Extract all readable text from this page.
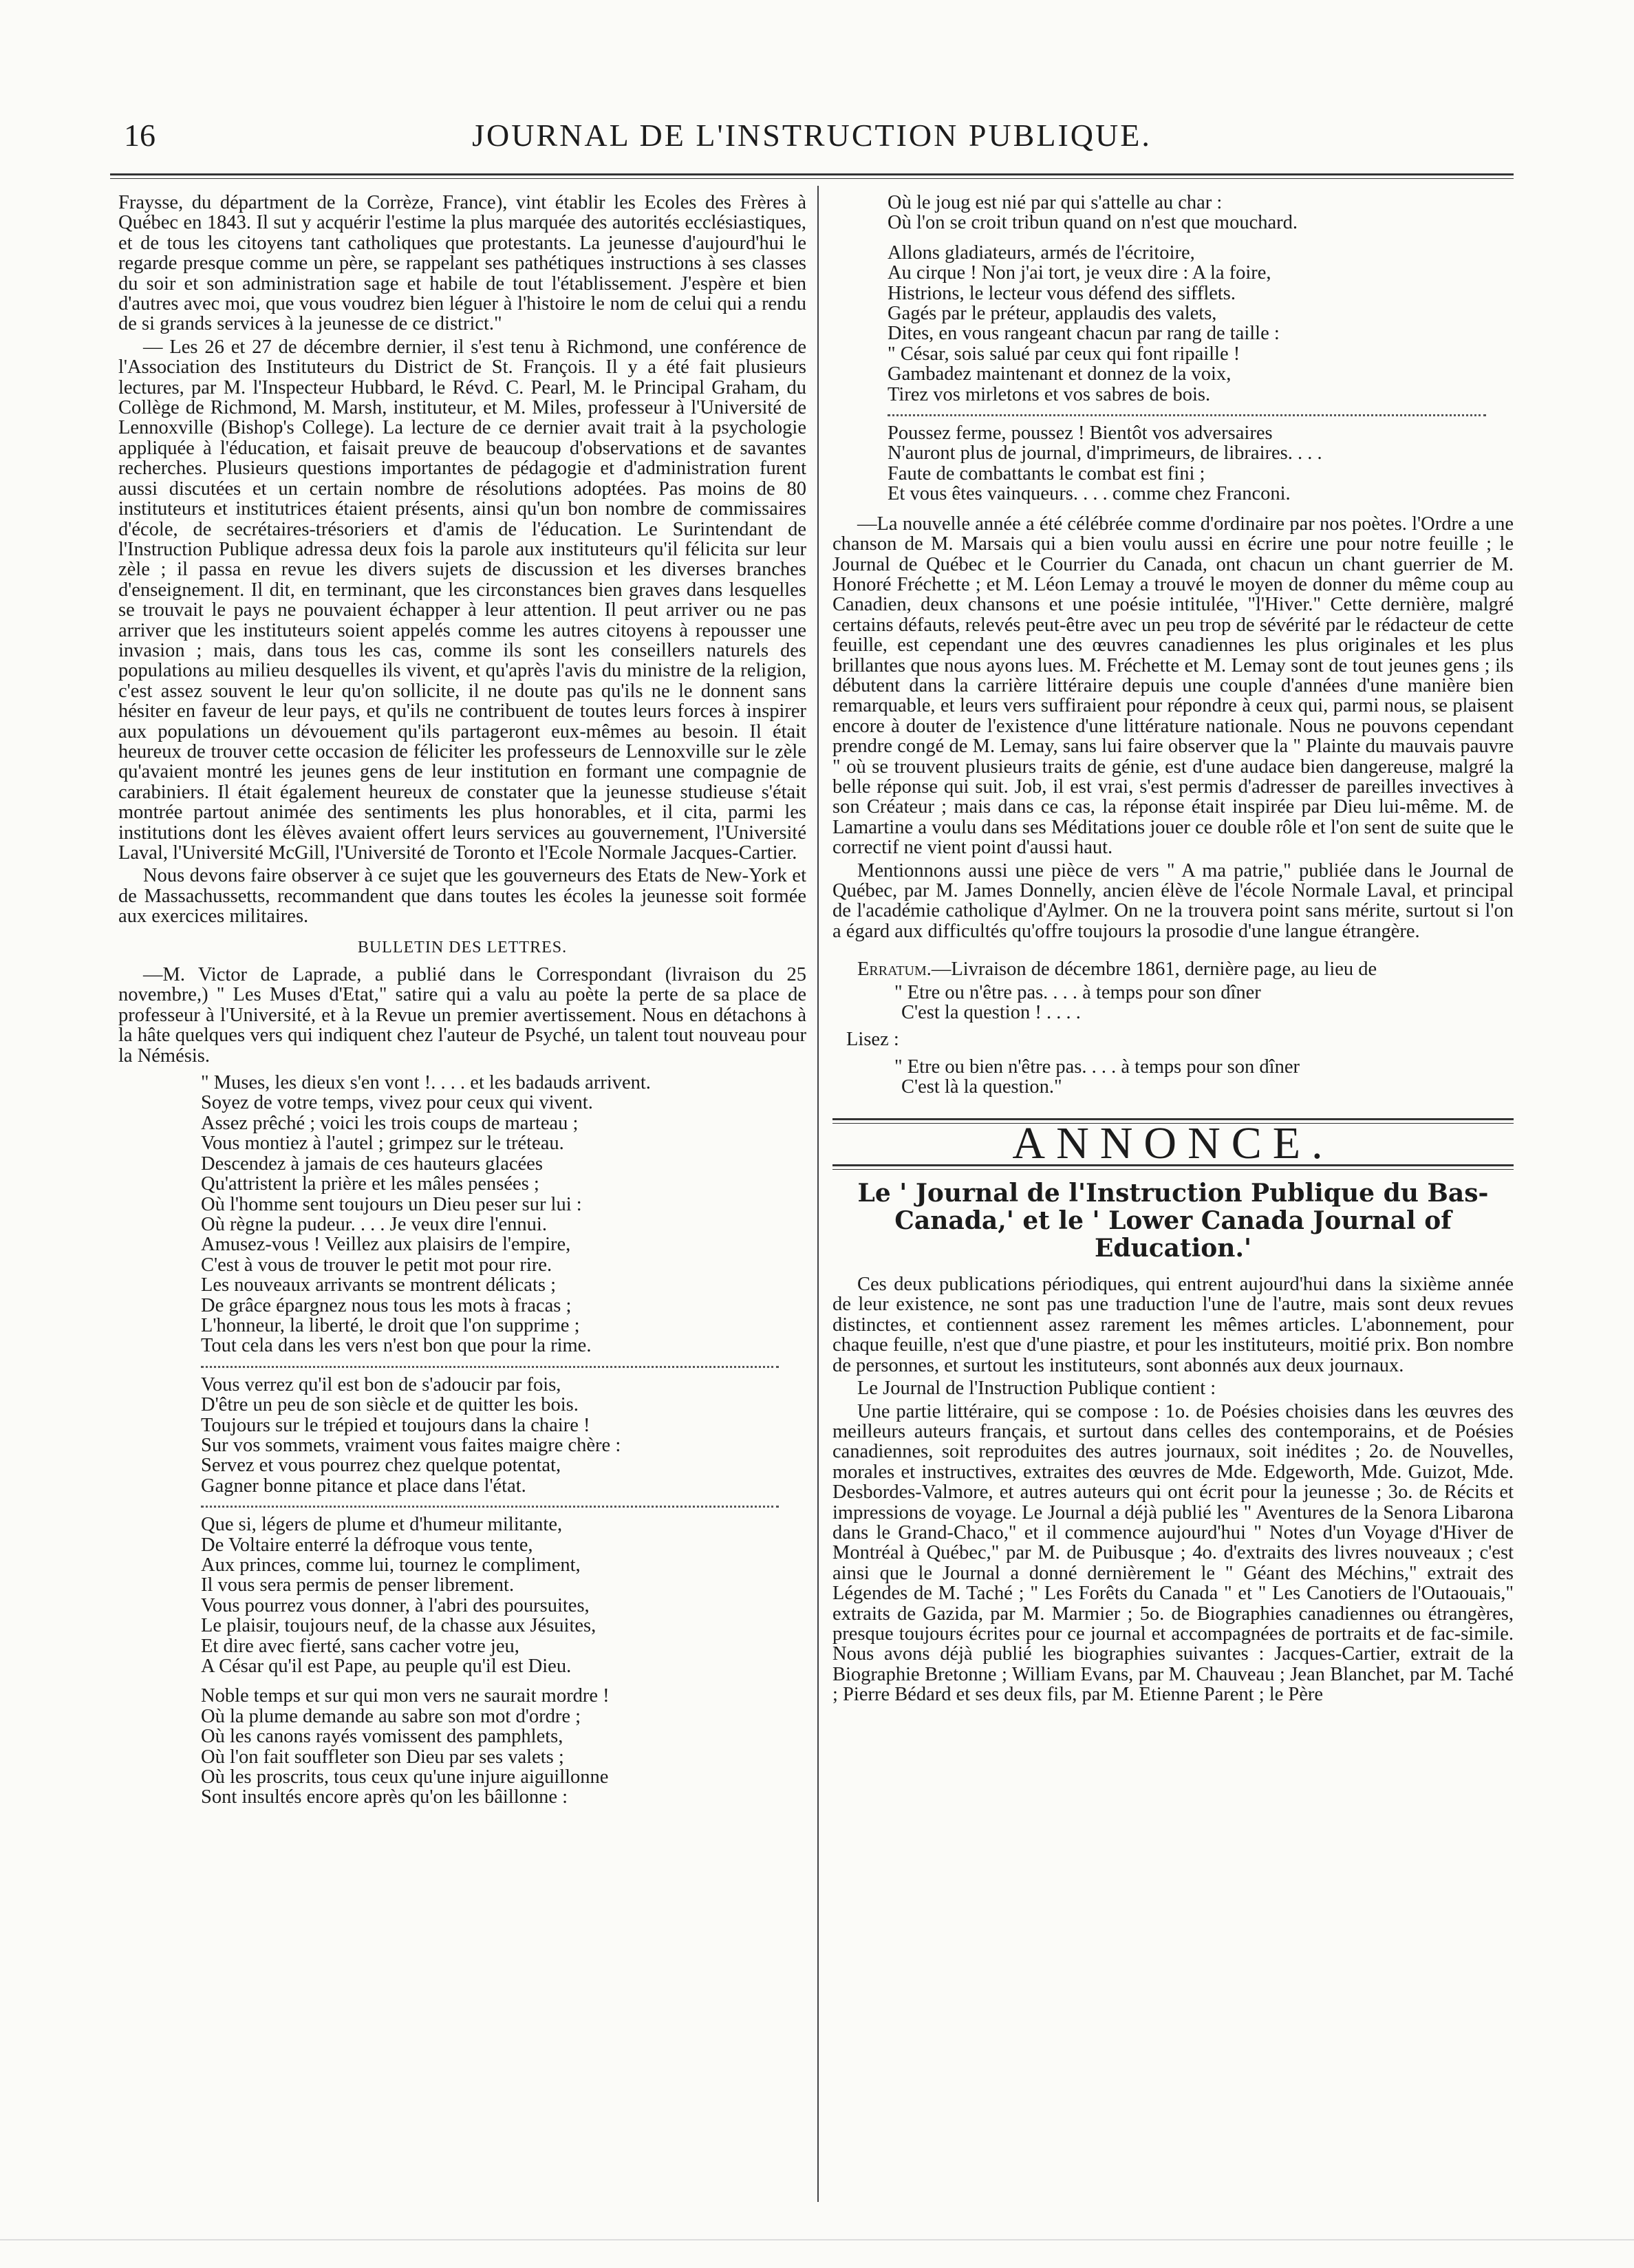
16	JOURNAL DE L'INSTRUCTION PUBLIQUE.

Frayssе, du départment de la Corrèze, France), vint établir les Ecoles des Frères à Québec en 1843. Il sut y acquérir l'estime la plus marquée des autorités ecclésiastiques, et de tous les citoyens tant catholiques que protestants. La jeunesse d'aujourd'hui le regarde presque comme un père, se rappelant ses pathétiques instructions à ses classes du soir et son administration sage et habile de tout l'établissement. J'espère et bien d'autres avec moi, que vous voudrez bien léguer à l'histoire le nom de celui qui a rendu de si grands services à la jeunesse de ce district."

— Les 26 et 27 de décembre dernier, il s'est tenu à Richmond, une conférence de l'Association des Instituteurs du District de St. François. Il y a été fait plusieurs lectures, par M. l'Inspecteur Hubbard, le Révd. C. Pearl, M. le Principal Graham, du Collège de Richmond, M. Marsh, instituteur, et M. Miles, professeur à l'Université de Lennoxville (Bishop's College). La lecture de ce dernier avait trait à la psychologie appliquée à l'éducation, et faisait preuve de beaucoup d'observations et de savantes recherches. Plusieurs questions importantes de pédagogie et d'administration furent aussi discutées et un certain nombre de résolutions adoptées. Pas moins de 80 instituteurs et institutrices étaient présents, ainsi qu'un bon nombre de commissaires d'école, de secrétaires-trésoriers et d'amis de l'éducation. Le Surintendant de l'Instruction Publique adressa deux fois la parole aux instituteurs qu'il félicita sur leur zèle ; il passa en revue les divers sujets de discussion et les diverses branches d'enseignement. Il dit, en terminant, que les circonstances bien graves dans lesquelles se trouvait le pays ne pouvaient échapper à leur attention. Il peut arriver ou ne pas arriver que les instituteurs soient appelés comme les autres citoyens à repousser une invasion ; mais, dans tous les cas, comme ils sont les conseillers naturels des populations au milieu desquelles ils vivent, et qu'après l'avis du ministre de la religion, c'est assez souvent le leur qu'on sollicite, il ne doute pas qu'ils ne le donnent sans hésiter en faveur de leur pays, et qu'ils ne contribuent de toutes leurs forces à inspirer aux populations un dévouement qu'ils partageront eux-mêmes au besoin. Il était heureux de trouver cette occasion de féliciter les professeurs de Lennoxville sur le zèle qu'avaient montré les jeunes gens de leur institution en formant une compagnie de carabiniers. Il était également heureux de constater que la jeunesse studieuse s'était montrée partout animée des sentiments les plus honorables, et il cita, parmi les institutions dont les élèves avaient offert leurs services au gouvernement, l'Université Laval, l'Université McGill, l'Université de Toronto et l'Ecole Normale Jacques-Cartier.

Nous devons faire observer à ce sujet que les gouverneurs des Etats de New-York et de Massachussetts, recommandent que dans toutes les écoles la jeunesse soit formée aux exercices militaires.

BULLETIN DES LETTRES.

—M. Victor de Laprade, a publié dans le Correspondant (livraison du 25 novembre,) " Les Muses d'Etat," satire qui a valu au poète la perte de sa place de professeur à l'Université, et à la Revue un premier avertissement. Nous en détachons à la hâte quelques vers qui indiquent chez l'auteur de Psyché, un talent tout nouveau pour la Némésis.

" Muses, les dieux s'en vont !. . . . et les badauds arrivent.
Soyez de votre temps, vivez pour ceux qui vivent.
Assez prêché ; voici les trois coups de marteau ;
Vous montiez à l'autel ; grimpez sur le tréteau.
Descendez à jamais de ces hauteurs glacées
Qu'attristent la prière et les mâles pensées ;
Où l'homme sent toujours un Dieu peser sur lui :
Où règne la pudeur. . . . Je veux dire l'ennui.
Amusez-vous ! Veillez aux plaisirs de l'empire,
C'est à vous de trouver le petit mot pour rire.
Les nouveaux arrivants se montrent délicats ;
De grâce épargnez nous tous les mots à fracas ;
L'honneur, la liberté, le droit que l'on supprime ;
Tout cela dans les vers n'est bon que pour la rime.
Vous verrez qu'il est bon de s'adoucir par fois,
D'être un peu de son siècle et de quitter les bois.
Toujours sur le trépied et toujours dans la chaire !
Sur vos sommets, vraiment vous faites maigre chère :
Servez et vous pourrez chez quelque potentat,
Gagner bonne pitance et place dans l'état.
Que si, légers de plume et d'humeur militante,
De Voltaire enterré la défroque vous tente,
Aux princes, comme lui, tournez le compliment,
Il vous sera permis de penser librement.
Vous pourrez vous donner, à l'abri des poursuites,
Le plaisir, toujours neuf, de la chasse aux Jésuites,
Et dire avec fierté, sans cacher votre jeu,
A César qu'il est Pape, au peuple qu'il est Dieu.
Noble temps et sur qui mon vers ne saurait mordre !
Où la plume demande au sabre son mot d'ordre ;
Où les canons rayés vomissent des pamphlets,
Où l'on fait souffleter son Dieu par ses valets ;
Où les proscrits, tous ceux qu'une injure aiguillonne
Sont insultés encore après qu'on les bâillonne :
Où le joug est nié par qui s'attelle au char :
Où l'on se croit tribun quand on n'est que mouchard.
Allons gladiateurs, armés de l'écritoire,
Au cirque ! Non j'ai tort, je veux dire : A la foire,
Histrions, le lecteur vous défend des sifflets.
Gagés par le préteur, applaudis des valets,
Dites, en vous rangeant chacun par rang de taille :
" César, sois salué par ceux qui font ripaille !
Gambadez maintenant et donnez de la voix,
Tirez vos mirletons et vos sabres de bois.
Poussez ferme, poussez ! Bientôt vos adversaires
N'auront plus de journal, d'imprimeurs, de libraires. . . .
Faute de combattants le combat est fini ;
Et vous êtes vainqueurs. . . . comme chez Franconi.

—La nouvelle année a été célébrée comme d'ordinaire par nos poètes. l'Ordre a une chanson de M. Marsais qui a bien voulu aussi en écrire une pour notre feuille ; le Journal de Québec et le Courrier du Canada, ont chacun un chant guerrier de M. Honoré Fréchette ; et M. Léon Lemay a trouvé le moyen de donner du même coup au Canadien, deux chansons et une poésie intitulée, "l'Hiver." Cette dernière, malgré certains défauts, relevés peut-être avec un peu trop de sévérité par le rédacteur de cette feuille, est cependant une des œuvres canadiennes les plus originales et les plus brillantes que nous ayons lues. M. Fréchette et M. Lemay sont de tout jeunes gens ; ils débutent dans la carrière littéraire depuis une couple d'années d'une manière bien remarquable, et leurs vers suffiraient pour répondre à ceux qui, parmi nous, se plaisent encore à douter de l'existence d'une littérature nationale. Nous ne pouvons cependant prendre congé de M. Lemay, sans lui faire observer que la " Plainte du mauvais pauvre " où se trouvent plusieurs traits de génie, est d'une audace bien dangereuse, malgré la belle réponse qui suit. Job, il est vrai, s'est permis d'adresser de pareilles invectives à son Créateur ; mais dans ce cas, la réponse était inspirée par Dieu lui-même. M. de Lamartine a voulu dans ses Méditations jouer ce double rôle et l'on sent de suite que le correctif ne vient point d'aussi haut.

Mentionnons aussi une pièce de vers " A ma patrie," publiée dans le Journal de Québec, par M. James Donnelly, ancien élève de l'école Normale Laval, et principal de l'académie catholique d'Aylmer. On ne la trouvera point sans mérite, surtout si l'on a égard aux difficultés qu'offre toujours la prosodie d'une langue étrangère.

Erratum.—Livraison de décembre 1861, dernière page, au lieu de

" Etre ou n'être pas. . . . à temps pour son dîner
C'est la question ! . . . .

Lisez :

" Etre ou bien n'être pas. . . . à temps pour son dîner
C'est là la question."
ANNONCE.
Le ' Journal de l'Instruction Publique du Bas-Canada,' et le ' Lower Canada Journal of Education.'

Ces deux publications périodiques, qui entrent aujourd'hui dans la sixième année de leur existence, ne sont pas une traduction l'une de l'autre, mais sont deux revues distinctes, et contiennent assez rarement les mêmes articles. L'abonnement, pour chaque feuille, n'est que d'une piastre, et pour les instituteurs, moitié prix. Bon nombre de personnes, et surtout les instituteurs, sont abonnés aux deux journaux.

Le Journal de l'Instruction Publique contient :

Une partie littéraire, qui se compose : 1o. de Poésies choisies dans les œuvres des meilleurs auteurs français, et surtout dans celles des contemporains, et de Poésies canadiennes, soit reproduites des autres journaux, soit inédites ; 2o. de Nouvelles, morales et instructives, extraites des œuvres de Mde. Edgeworth, Mde. Guizot, Mde. Desbordes-Valmore, et autres auteurs qui ont écrit pour la jeunesse ; 3o. de Récits et impressions de voyage. Le Journal a déjà publié les " Aventures de la Senora Libarona dans le Grand-Chaco," et il commence aujourd'hui " Notes d'un Voyage d'Hiver de Montréal à Québec," par M. de Puibusque ; 4o. d'extraits des livres nouveaux ; c'est ainsi que le Journal a donné dernièrement le " Géant des Méchins," extrait des Légendes de M. Taché ; " Les Forêts du Canada " et " Les Canotiers de l'Outaouais," extraits de Gazida, par M. Marmier ; 5o. de Biographies canadiennes ou étrangères, presque toujours écrites pour ce journal et accompagnées de portraits et de fac-simile. Nous avons déjà publié les biographies suivantes : Jacques-Cartier, extrait de la Biographie Bretonne ; William Evans, par M. Chauveau ; Jean Blanchet, par M. Taché ; Pierre Bédard et ses deux fils, par M. Etienne Parent ; le Père
